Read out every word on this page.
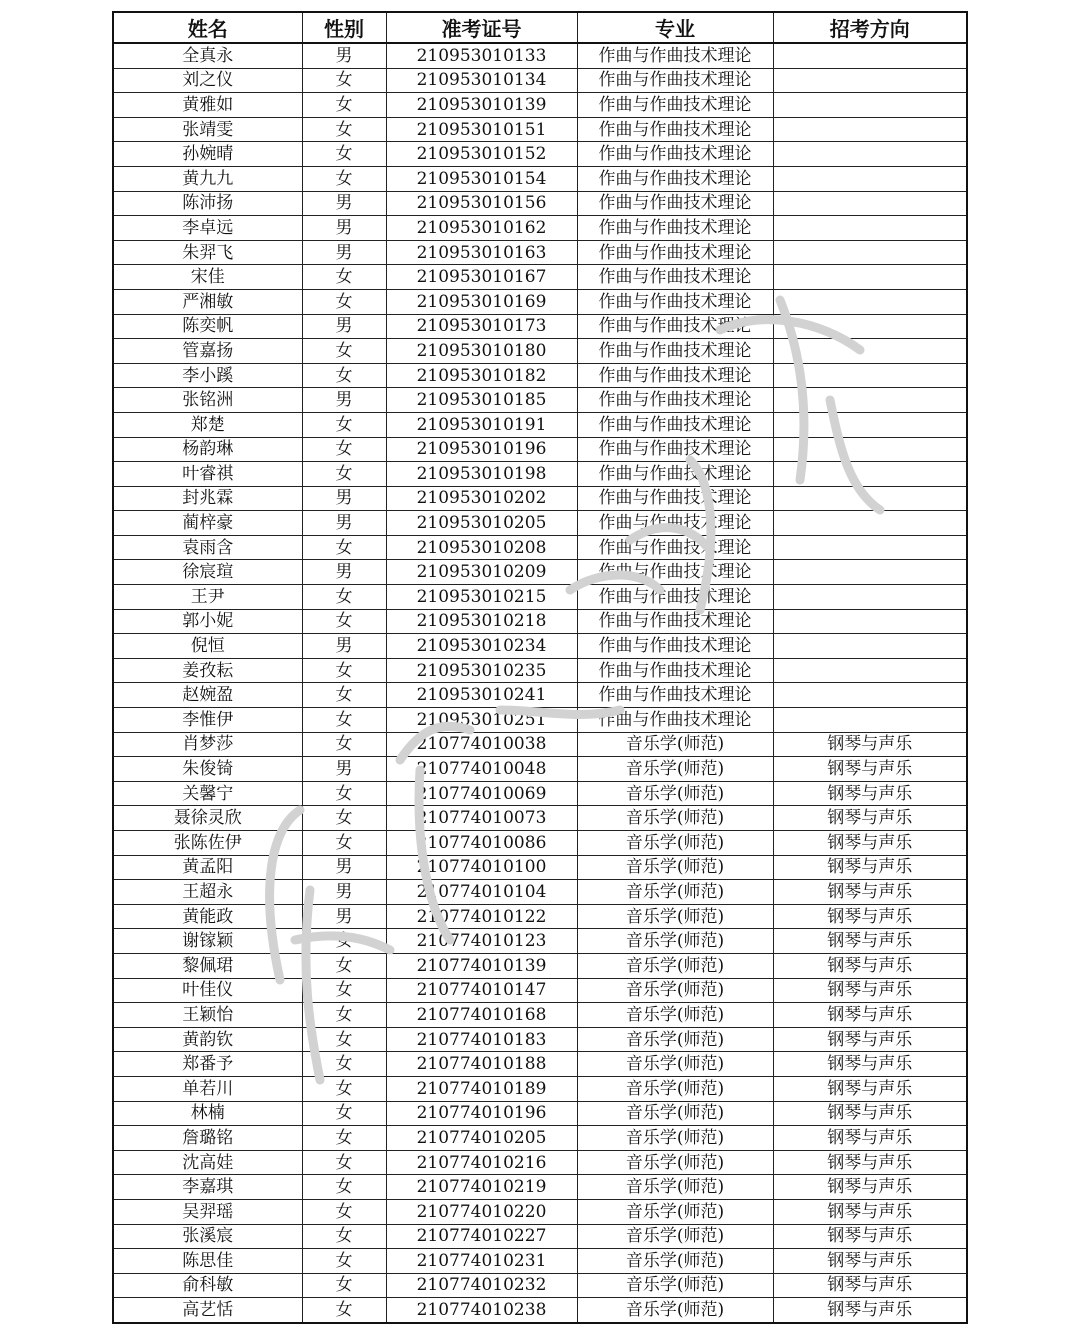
姓名	性别	准考证号	专业	招考方向
全真永	男	210953010133	作曲与作曲技术理论	
刘之仪	女	210953010134	作曲与作曲技术理论	
黄雅如	女	210953010139	作曲与作曲技术理论	
张靖雯	女	210953010151	作曲与作曲技术理论	
孙婉晴	女	210953010152	作曲与作曲技术理论	
黄九九	女	210953010154	作曲与作曲技术理论	
陈沛扬	男	210953010156	作曲与作曲技术理论	
李卓远	男	210953010162	作曲与作曲技术理论	
朱羿飞	男	210953010163	作曲与作曲技术理论	
宋佳	女	210953010167	作曲与作曲技术理论	
严湘敏	女	210953010169	作曲与作曲技术理论	
陈奕帆	男	210953010173	作曲与作曲技术理论	
管嘉扬	女	210953010180	作曲与作曲技术理论	
李小蹊	女	210953010182	作曲与作曲技术理论	
张铭洲	男	210953010185	作曲与作曲技术理论	
郑楚	女	210953010191	作曲与作曲技术理论	
杨韵琳	女	210953010196	作曲与作曲技术理论	
叶睿祺	女	210953010198	作曲与作曲技术理论	
封兆霖	男	210953010202	作曲与作曲技术理论	
蔺梓豪	男	210953010205	作曲与作曲技术理论	
袁雨含	女	210953010208	作曲与作曲技术理论	
徐宸瑄	男	210953010209	作曲与作曲技术理论	
王尹	女	210953010215	作曲与作曲技术理论	
郭小妮	女	210953010218	作曲与作曲技术理论	
倪恒	男	210953010234	作曲与作曲技术理论	
姜孜耘	女	210953010235	作曲与作曲技术理论	
赵婉盈	女	210953010241	作曲与作曲技术理论	
李惟伊	女	210953010251	作曲与作曲技术理论	
肖梦莎	女	210774010038	音乐学(师范)	钢琴与声乐
朱俊锜	男	210774010048	音乐学(师范)	钢琴与声乐
关馨宁	女	210774010069	音乐学(师范)	钢琴与声乐
聂徐灵欣	女	210774010073	音乐学(师范)	钢琴与声乐
张陈佐伊	女	210774010086	音乐学(师范)	钢琴与声乐
黄孟阳	男	210774010100	音乐学(师范)	钢琴与声乐
王超永	男	210774010104	音乐学(师范)	钢琴与声乐
黄能政	男	210774010122	音乐学(师范)	钢琴与声乐
谢镓颖	女	210774010123	音乐学(师范)	钢琴与声乐
黎佩珺	女	210774010139	音乐学(师范)	钢琴与声乐
叶佳仪	女	210774010147	音乐学(师范)	钢琴与声乐
王颖怡	女	210774010168	音乐学(师范)	钢琴与声乐
黄韵钦	女	210774010183	音乐学(师范)	钢琴与声乐
郑番予	女	210774010188	音乐学(师范)	钢琴与声乐
单若川	女	210774010189	音乐学(师范)	钢琴与声乐
林楠	女	210774010196	音乐学(师范)	钢琴与声乐
詹璐铭	女	210774010205	音乐学(师范)	钢琴与声乐
沈高娃	女	210774010216	音乐学(师范)	钢琴与声乐
李嘉琪	女	210774010219	音乐学(师范)	钢琴与声乐
吴羿瑶	女	210774010220	音乐学(师范)	钢琴与声乐
张溪宸	女	210774010227	音乐学(师范)	钢琴与声乐
陈思佳	女	210774010231	音乐学(师范)	钢琴与声乐
俞科敏	女	210774010232	音乐学(师范)	钢琴与声乐
高艺恬	女	210774010238	音乐学(师范)	钢琴与声乐
